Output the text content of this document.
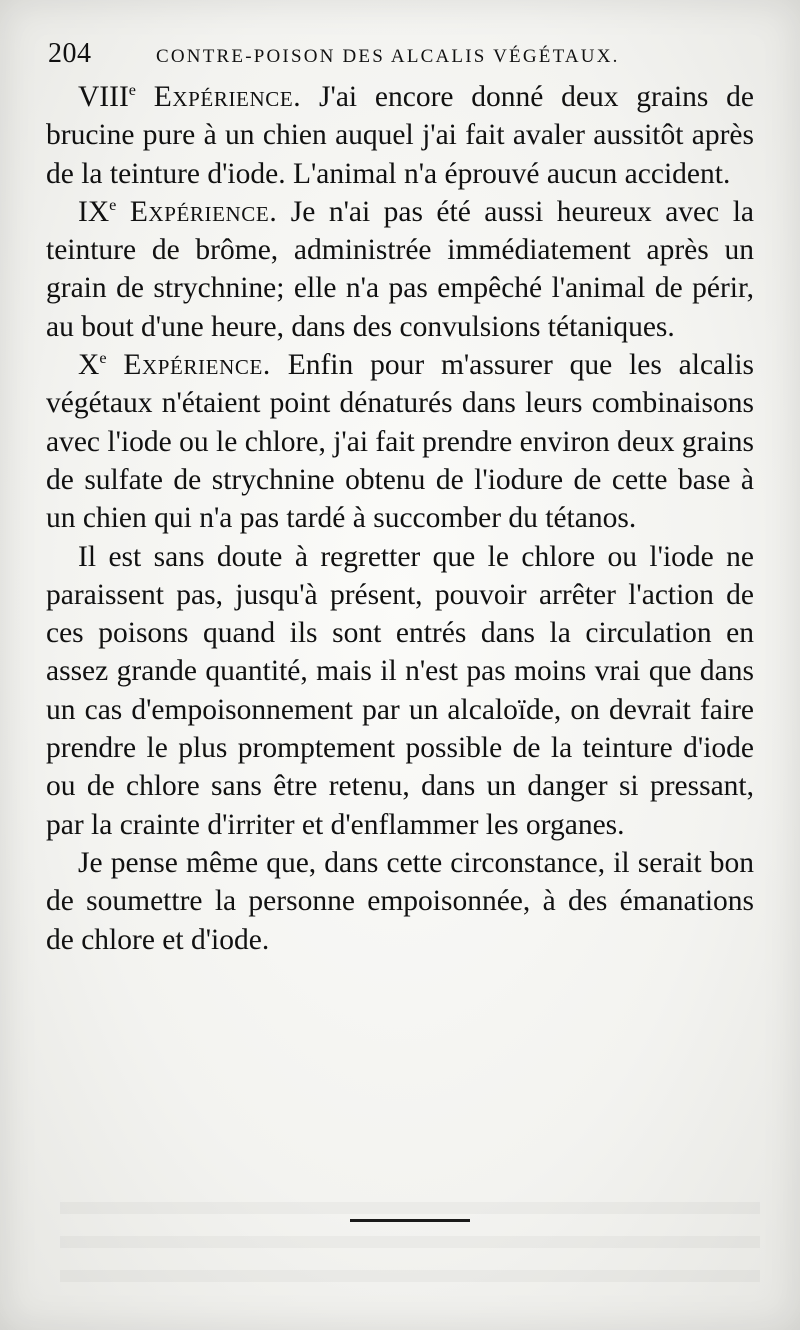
204	CONTRE-POISON DES ALCALIS VÉGÉTAUX.

VIIIe Expérience. J'ai encore donné deux grains de brucine pure à un chien auquel j'ai fait avaler aussitôt après de la teinture d'iode. L'animal n'a éprouvé aucun accident.

IXe Expérience. Je n'ai pas été aussi heureux avec la teinture de brôme, administrée immédiatement après un grain de strychnine; elle n'a pas empêché l'animal de périr, au bout d'une heure, dans des convulsions tétaniques.

Xe Expérience. Enfin pour m'assurer que les alcalis végétaux n'étaient point dénaturés dans leurs combinaisons avec l'iode ou le chlore, j'ai fait prendre environ deux grains de sulfate de strychnine obtenu de l'iodure de cette base à un chien qui n'a pas tardé à succomber du tétanos.

Il est sans doute à regretter que le chlore ou l'iode ne paraissent pas, jusqu'à présent, pouvoir arrêter l'action de ces poisons quand ils sont entrés dans la circulation en assez grande quantité, mais il n'est pas moins vrai que dans un cas d'empoisonnement par un alcaloïde, on devrait faire prendre le plus promptement possible de la teinture d'iode ou de chlore sans être retenu, dans un danger si pressant, par la crainte d'irriter et d'enflammer les organes.

Je pense même que, dans cette circonstance, il serait bon de soumettre la personne empoisonnée, à des émanations de chlore et d'iode.
